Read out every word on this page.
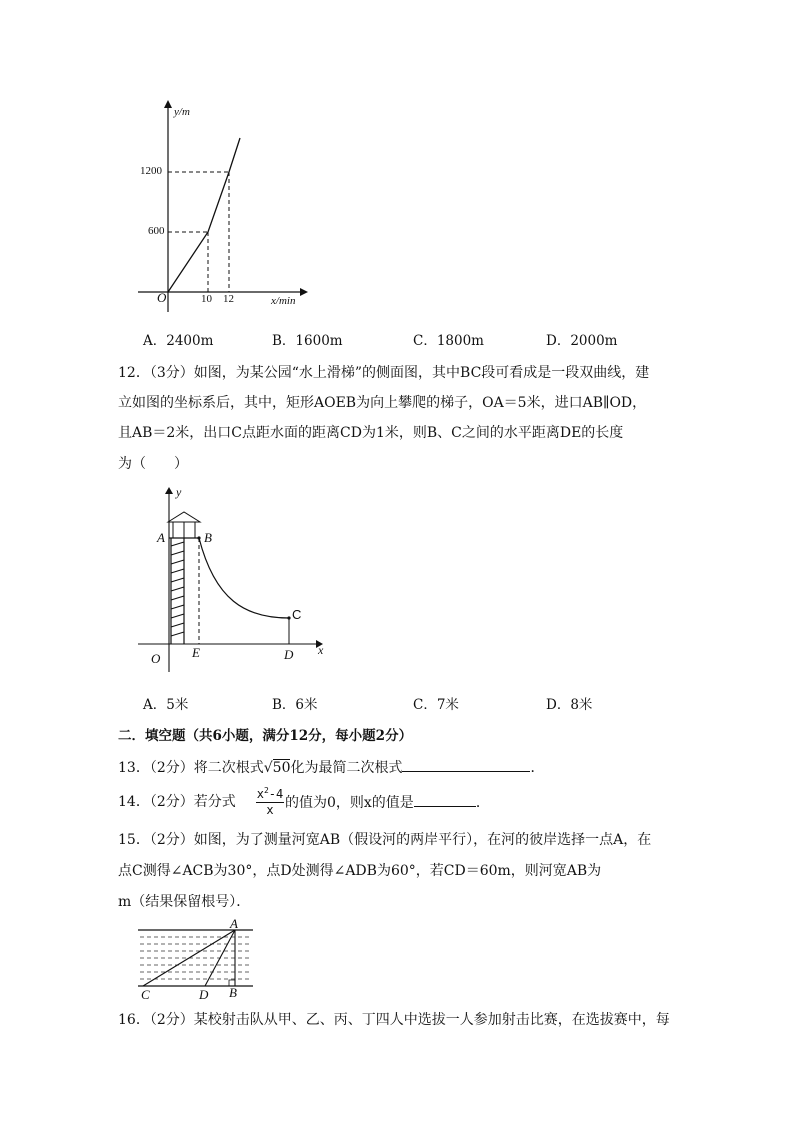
y/m
1200
600
O	10 12	x/min
A．2400m	B．1600m	C．1800m	D．2000m
12．（3分）如图，为某公园“水上滑梯”的侧面图，其中BC段可看成是一段双曲线，建
立如图的坐标系后，其中，矩形AOEB为向上攀爬的梯子，OA＝5米，进口AB∥OD，
且AB＝2米，出口C点距水面的距离CD为1米，则B、C之间的水平距离DE的长度
为（　　）
y
A	B
C
O E	D x
A．5米	B．6米	C．7米	D．8米
二．填空题（共6小题，满分12分，每小题2分）
13．（2分）将二次根式√50化为最简二次根式	．
14．（2分）若分式 $\frac{x^2-4}{x}$ 的值为0，则x的值是	．
15．（2分）如图，为了测量河宽AB（假设河的两岸平行），在河的彼岸选择一点A，在
点C测得∠ACB为30°，点D处测得∠ADB为60°，若CD＝60m，则河宽AB为
m（结果保留根号）．
A
C	D B
16．（2分）某校射击队从甲、乙、丙、丁四人中选拔一人参加射击比赛，在选拔赛中，每
